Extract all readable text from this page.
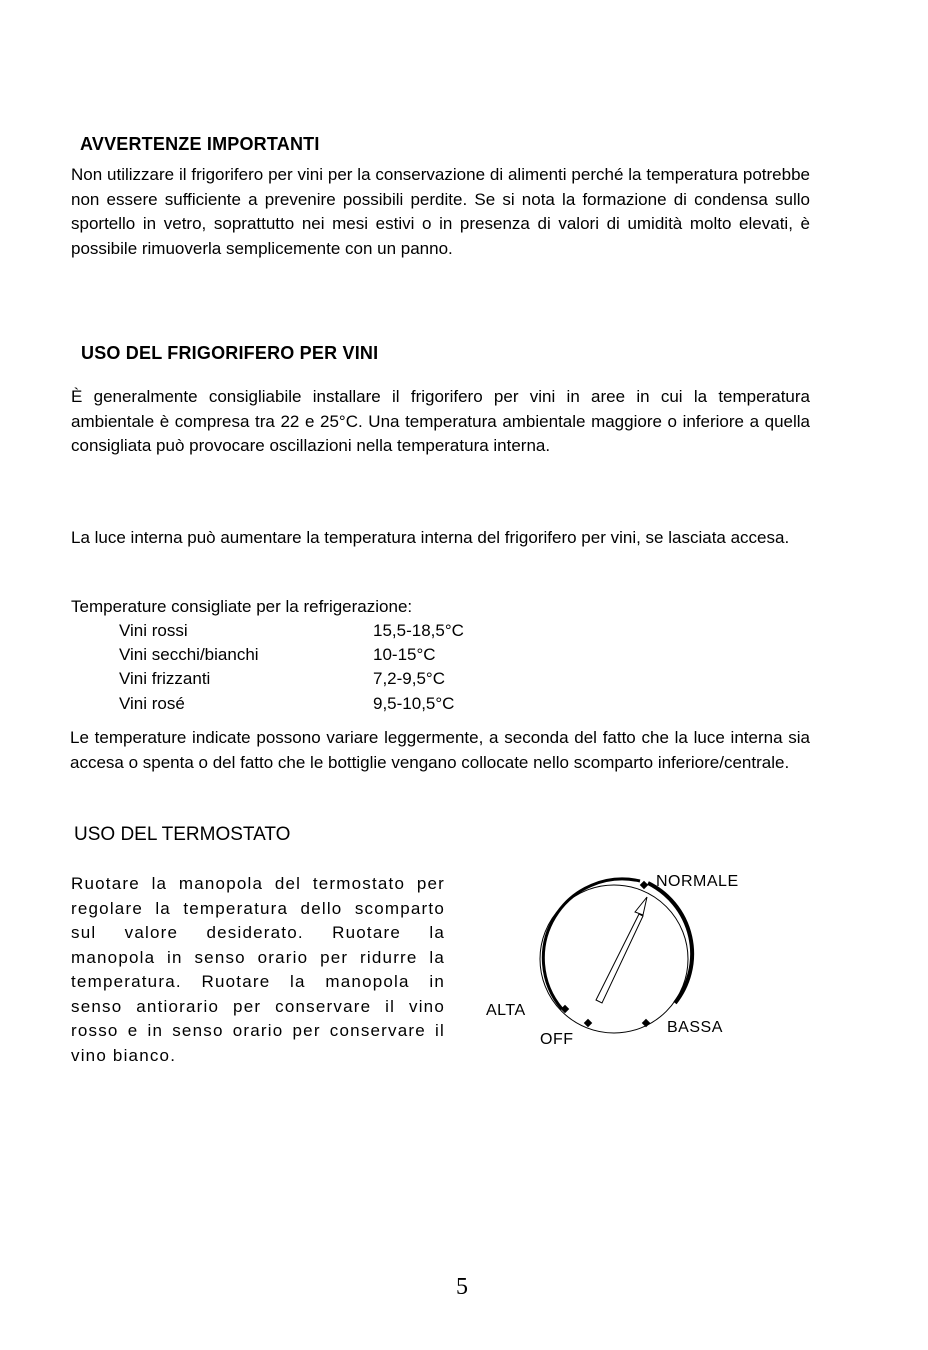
AVVERTENZE IMPORTANTI
Non utilizzare il frigorifero per vini per la conservazione di alimenti perché la temperatura potrebbe non essere sufficiente a prevenire possibili perdite. Se si nota la formazione di condensa sullo sportello in vetro, soprattutto nei mesi estivi o in presenza di valori di umidità molto elevati, è possibile rimuoverla semplicemente con un panno.
USO DEL FRIGORIFERO PER VINI
È generalmente consigliabile installare il frigorifero per vini in aree in cui la temperatura ambientale è compresa tra 22 e 25°C. Una temperatura ambientale maggiore o inferiore a quella consigliata può provocare oscillazioni nella temperatura interna.
La luce interna può aumentare la temperatura interna del frigorifero per vini, se lasciata accesa.
Temperature consigliate per la refrigerazione:
Vini rossi	15,5-18,5°C
Vini secchi/bianchi	10-15°C
Vini frizzanti	7,2-9,5°C
Vini rosé	9,5-10,5°C
Le temperature indicate possono variare leggermente, a seconda del fatto che la luce interna sia accesa o spenta o del fatto che le bottiglie vengano collocate nello scomparto inferiore/centrale.
USO DEL TERMOSTATO
Ruotare la manopola del termostato per regolare la temperatura dello scomparto sul valore desiderato. Ruotare la manopola in senso orario per ridurre la temperatura. Ruotare la manopola in senso antiorario per conservare il vino rosso e in senso orario per conservare il vino bianco.
NORMALE
ALTA
OFF
BASSA
5
